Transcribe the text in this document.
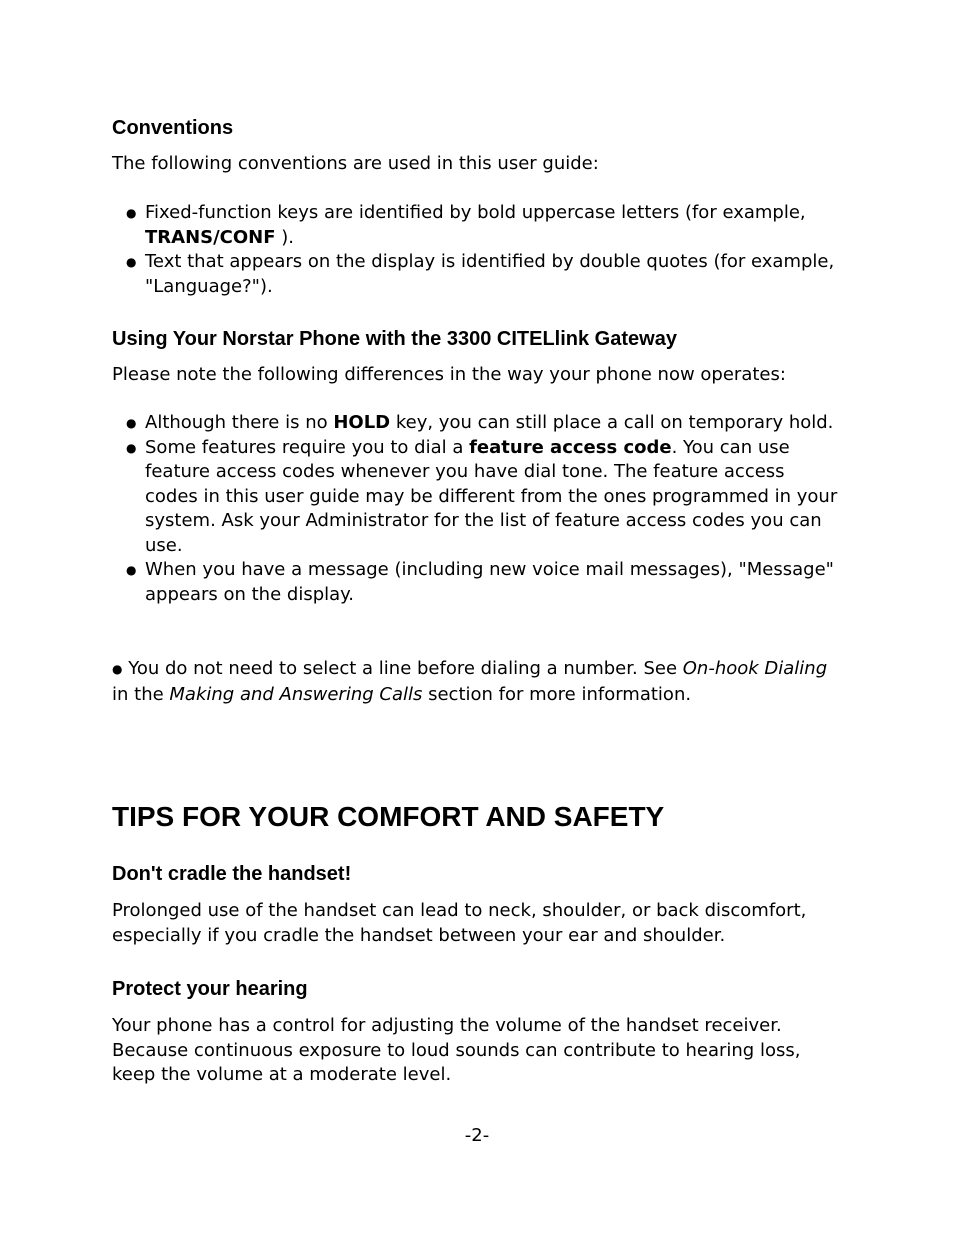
Conventions

The following conventions are used in this user guide:

● Fixed-function keys are identified by bold uppercase letters (for example, TRANS/CONF ).
● Text that appears on the display is identified by double quotes (for example, "Language?").
Using Your Norstar Phone with the 3300 CITELlink Gateway

Please note the following differences in the way your phone now operates:

● Although there is no HOLD key, you can still place a call on temporary hold.
● Some features require you to dial a feature access code. You can use feature access codes whenever you have dial tone. The feature access codes in this user guide may be different from the ones programmed in your system. Ask your Administrator for the list of feature access codes you can use.
● When you have a message (including new voice mail messages), "Message" appears on the display.

● You do not need to select a line before dialing a number. See On-hook Dialing in the Making and Answering Calls section for more information.

TIPS FOR YOUR COMFORT AND SAFETY
Don't cradle the handset!

Prolonged use of the handset can lead to neck, shoulder, or back discomfort, especially if you cradle the handset between your ear and shoulder.

Protect your hearing

Your phone has a control for adjusting the volume of the handset receiver. Because continuous exposure to loud sounds can contribute to hearing loss, keep the volume at a moderate level.

-2-
